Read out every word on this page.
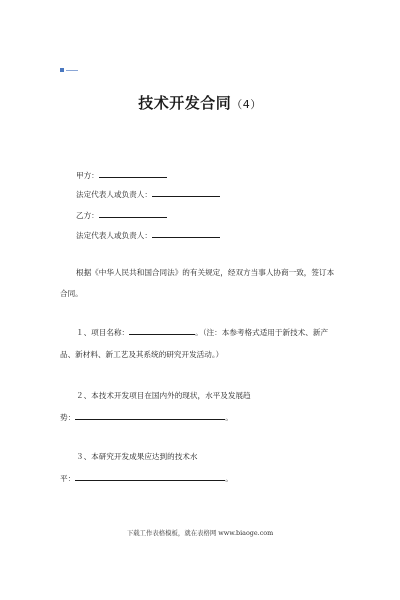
技术开发合同（4）
甲方：
法定代表人或负责人：
乙方：
法定代表人或负责人：
根据《中华人民共和国合同法》的有关规定，经双方当事人协商一致，签订本
合同。
１、项目名称：	。（注：本参考格式适用于新技术、新产
品、新材料、新工艺及其系统的研究开发活动。）
２、本技术开发项目在国内外的现状，水平及发展趋
势：	。
３、本研究开发成果应达到的技术水
平：	。
下载工作表格模板，就在表格网 www.biaoge.com
